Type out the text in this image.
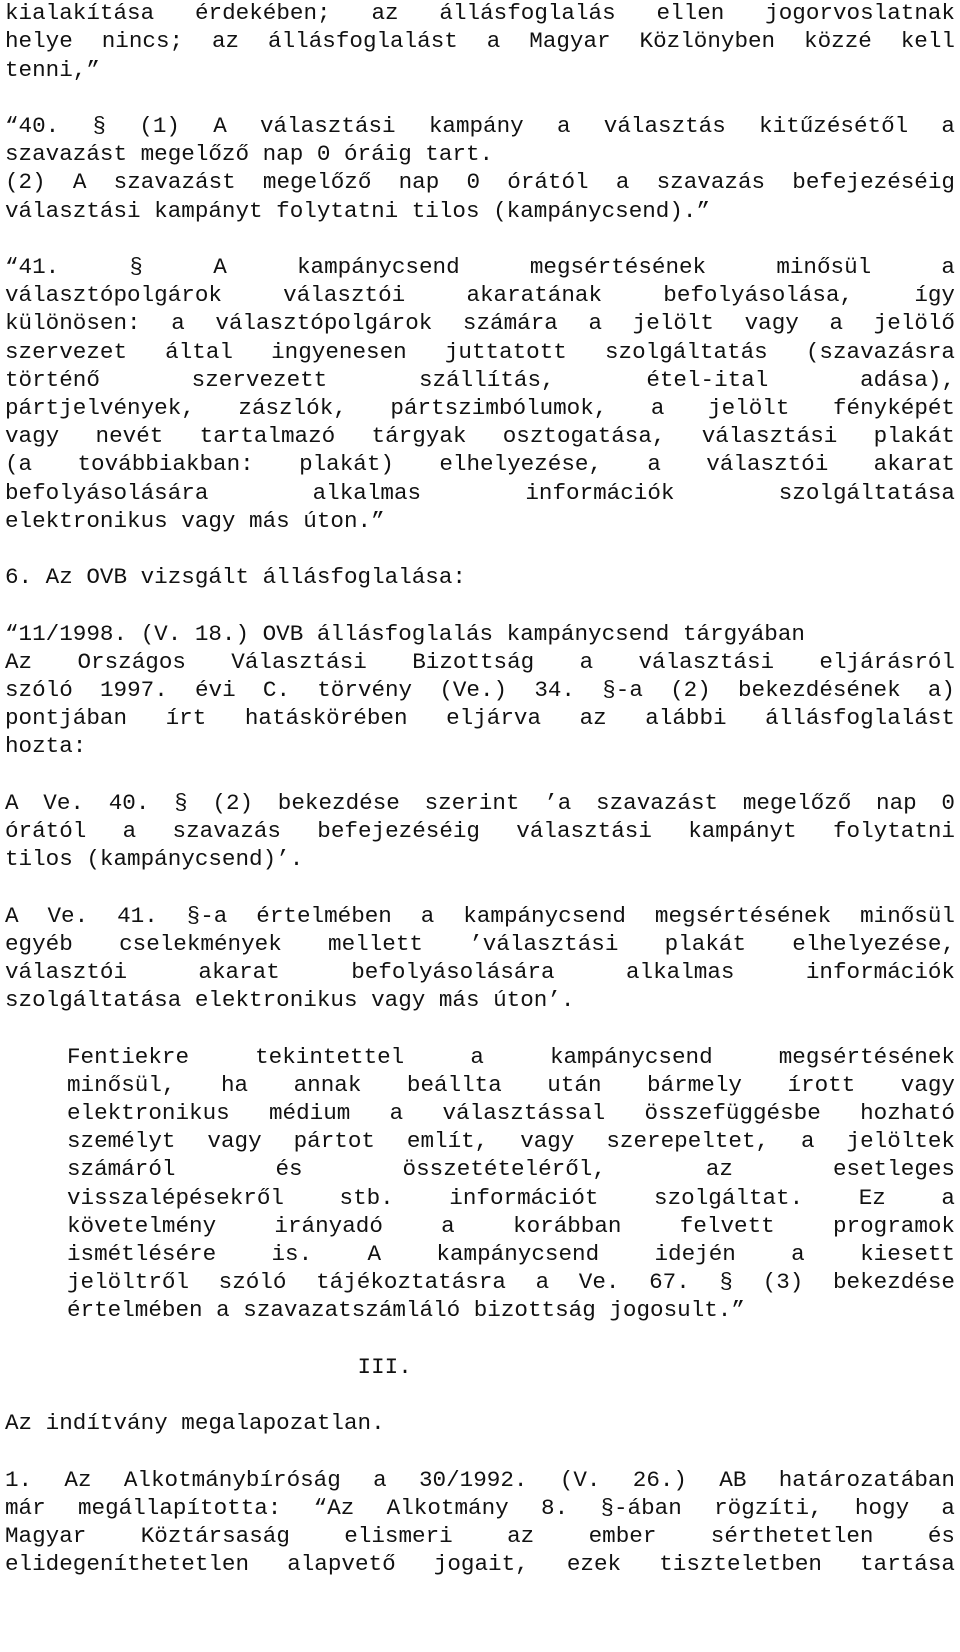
kialakítása érdekében; az állásfoglalás ellen jogorvoslatnak
helye nincs; az állásfoglalást a Magyar Közlönyben közzé kell
tenni,”
“40. § (1) A választási kampány a választás kitűzésétől a
szavazást megelőző nap 0 óráig tart.
(2) A szavazást megelőző nap 0 órától a szavazás befejezéséig
választási kampányt folytatni tilos (kampánycsend).”
“41. § A kampánycsend megsértésének minősül a
választópolgárok választói akaratának befolyásolása, így
különösen: a választópolgárok számára a jelölt vagy a jelölő
szervezet által ingyenesen juttatott szolgáltatás (szavazásra
történő szervezett szállítás, étel-ital adása),
pártjelvények, zászlók, pártszimbólumok, a jelölt fényképét
vagy nevét tartalmazó tárgyak osztogatása, választási plakát
(a továbbiakban: plakát) elhelyezése, a választói akarat
befolyásolására alkalmas információk szolgáltatása
elektronikus vagy más úton.”
6. Az OVB vizsgált állásfoglalása:
“11/1998. (V. 18.) OVB állásfoglalás kampánycsend tárgyában
Az Országos Választási Bizottság a választási eljárásról
szóló 1997. évi C. törvény (Ve.) 34. §-a (2) bekezdésének a)
pontjában írt hatáskörében eljárva az alábbi állásfoglalást
hozta:
A Ve. 40. § (2) bekezdése szerint ’a szavazást megelőző nap 0
órától a szavazás befejezéséig választási kampányt folytatni
tilos (kampánycsend)’.
A Ve. 41. §-a értelmében a kampánycsend megsértésének minősül
egyéb cselekmények mellett ’választási plakát elhelyezése,
választói akarat befolyásolására alkalmas információk
szolgáltatása elektronikus vagy más úton’.
Fentiekre tekintettel a kampánycsend megsértésének
minősül, ha annak beállta után bármely írott vagy
elektronikus médium a választással összefüggésbe hozható
személyt vagy pártot említ, vagy szerepeltet, a jelöltek
számáról és összetételéről, az esetleges
visszalépésekről stb. információt szolgáltat. Ez a
követelmény irányadó a korábban felvett programok
ismétlésére is. A kampánycsend idején a kiesett
jelöltről szóló tájékoztatásra a Ve. 67. § (3) bekezdése
értelmében a szavazatszámláló bizottság jogosult.”
III.
Az indítvány megalapozatlan.
1. Az Alkotmánybíróság a 30/1992. (V. 26.) AB határozatában
már megállapította: “Az Alkotmány 8. §-ában rögzíti, hogy a
Magyar Köztársaság elismeri az ember sérthetetlen és
elidegeníthetetlen alapvető jogait, ezek tiszteletben tartása
